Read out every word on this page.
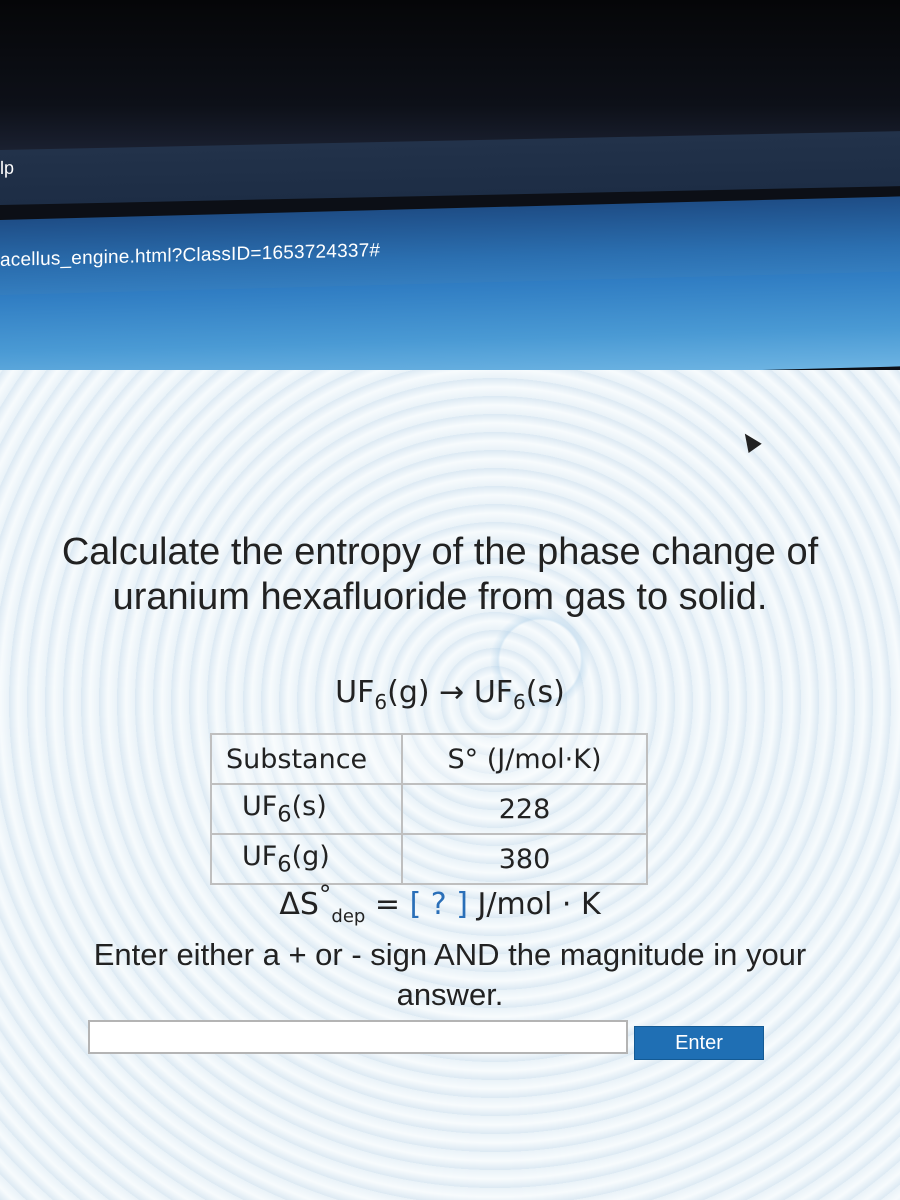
lp
acellus_engine.html?ClassID=1653724337#
Calculate the entropy of the phase change of uranium hexafluoride from gas to solid.
$UF_6(g) \to UF_6(s)$
Substance	S° (J/mol·K)
$UF_6(s)$	228
$UF_6(g)$	380
$\Delta S^\circ_{dep}$ = [ ? ] J/mol · K
Enter either a + or - sign AND the magnitude in your answer.
Enter
